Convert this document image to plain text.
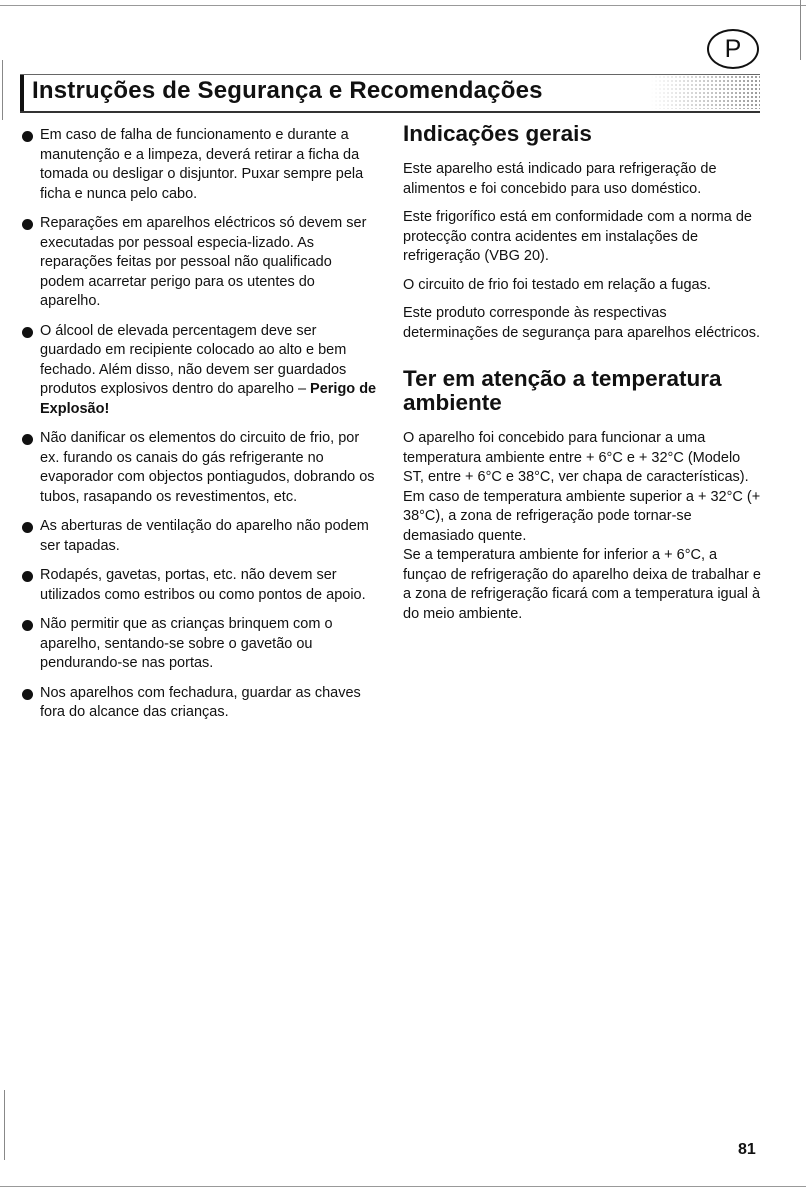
P
Instruções de Segurança e Recomendações
Em caso de falha de funcionamento e durante a manutenção e a limpeza, deverá retirar a ficha da tomada ou desligar o disjuntor. Puxar sempre pela ficha e nunca pelo cabo.
Reparações em aparelhos eléctricos só devem ser executadas por pessoal especia-lizado. As reparações feitas por pessoal não qualificado podem acarretar perigo para os utentes do aparelho.
O álcool de elevada percentagem deve ser guardado em recipiente colocado ao alto e bem fechado. Além disso, não devem ser guardados produtos explosivos dentro do aparelho – Perigo de Explosão!
Não danificar os elementos do circuito de frio, por ex. furando os canais do gás refrigerante no evaporador com objectos pontiagudos, dobrando os tubos, rasapando os revestimentos, etc.
As aberturas de ventilação do aparelho não podem ser tapadas.
Rodapés, gavetas, portas, etc. não devem ser utilizados como estribos ou como pontos de apoio.
Não permitir que as crianças brinquem com o aparelho, sentando-se sobre o gavetão ou pendurando-se nas portas.
Nos aparelhos com fechadura, guardar as chaves fora do alcance das crianças.
Indicações gerais

Este aparelho está indicado para refrigeração de alimentos e foi concebido para uso doméstico.

Este frigorífico está em conformidade com a norma de protecção contra acidentes em instalações de refrigeração (VBG 20).

O circuito de frio foi testado em relação a fugas.

Este produto corresponde às respectivas determinações de segurança para aparelhos eléctricos.

Ter em atenção a temperatura ambiente

O aparelho foi concebido para funcionar a uma temperatura ambiente entre + 6°C e + 32°C (Modelo ST, entre + 6°C e 38°C, ver chapa de características).

Em caso de temperatura ambiente superior a + 32°C (+ 38°C), a zona de refrigeração pode tornar-se demasiado quente.

Se a temperatura ambiente for inferior a + 6°C, a funçao de refrigeração do aparelho deixa de trabalhar e a zona de refrigeração ficará com a temperatura igual à do meio ambiente.

81
